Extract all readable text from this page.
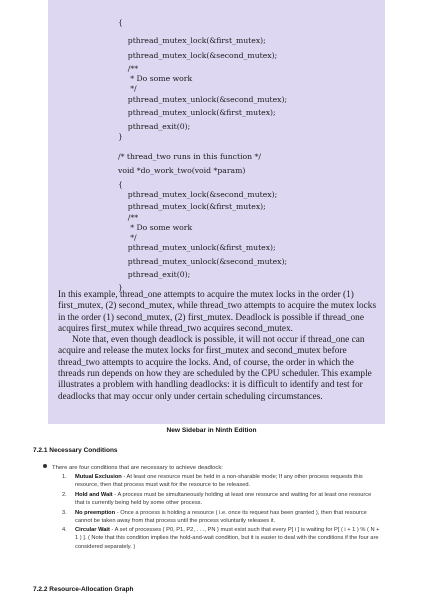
{
pthread_mutex_lock(&first_mutex);
pthread_mutex_lock(&second_mutex);
/**
* Do some work
*/
pthread_mutex_unlock(&second_mutex);
pthread_mutex_unlock(&first_mutex);
pthread_exit(0);
}
/* thread_two runs in this function */
void *do_work_two(void *param)
{
pthread_mutex_lock(&second_mutex);
pthread_mutex_lock(&first_mutex);
/**
* Do some work
*/
pthread_mutex_unlock(&first_mutex);
pthread_mutex_unlock(&second_mutex);
pthread_exit(0);
}

In this example, thread_one attempts to acquire the mutex locks in the order (1) first_mutex, (2) second_mutex, while thread_two attempts to acquire the mutex locks in the order (1) second_mutex, (2) first_mutex. Deadlock is possible if thread_one acquires first_mutex while thread_two acquires second_mutex.

Note that, even though deadlock is possible, it will not occur if thread_one can acquire and release the mutex locks for first_mutex and second_mutex before thread_two attempts to acquire the locks. And, of course, the order in which the threads run depends on how they are scheduled by the CPU scheduler. This example illustrates a problem with handling deadlocks: it is difficult to identify and test for deadlocks that may occur only under certain scheduling circumstances.

New Sidebar in Ninth Edition
7.2.1 Necessary Conditions
There are four conditions that are necessary to achieve deadlock:
1. Mutual Exclusion - At least one resource must be held in a non-sharable mode; If any other process requests this resource, then that process must wait for the resource to be released.
2. Hold and Wait - A process must be simultaneously holding at least one resource and waiting for at least one resource that is currently being held by some other process.
3. No preemption - Once a process is holding a resource ( i.e. once its request has been granted ), then that resource cannot be taken away from that process until the process voluntarily releases it.
4. Circular Wait - A set of processes { P0, P1, P2, . . ., PN } must exist such that every P[ i ] is waiting for P[ ( i + 1 ) % ( N + 1 ) ]. ( Note that this condition implies the hold-and-wait condition, but it is easier to deal with the conditions if the four are considered separately. )
7.2.2 Resource-Allocation Graph
